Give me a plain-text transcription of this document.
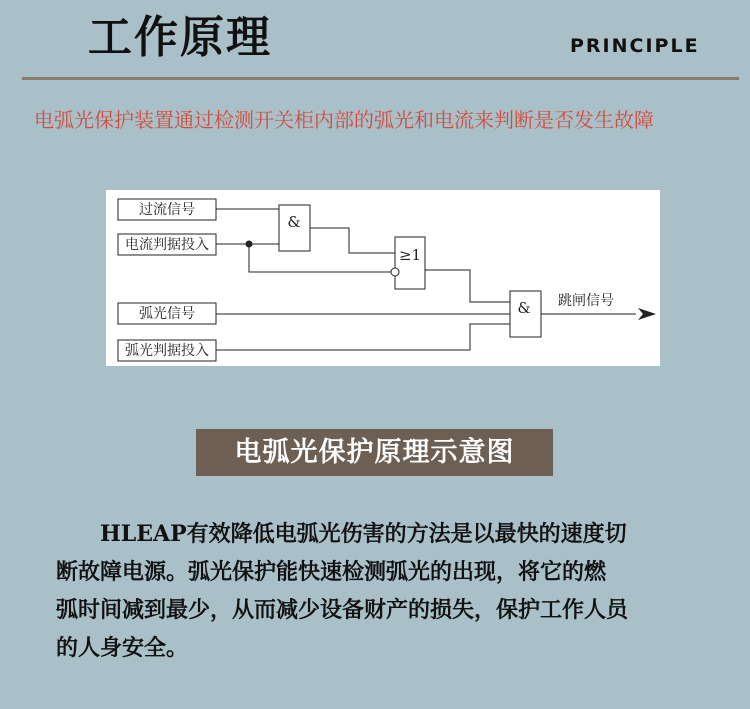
工作原理	PRINCIPLE
电弧光保护装置通过检测开关柜内部的弧光和电流来判断是否发生故障
过流信号
电流判据投入
弧光信号
弧光判据投入
&
≥1
& 跳闸信号
电弧光保护原理示意图

HLEAP有效降低电弧光伤害的方法是以最快的速度切

断故障电源。弧光保护能快速检测弧光的出现，将它的燃

弧时间减到最少，从而减少设备财产的损失，保护工作人员

的人身安全。
